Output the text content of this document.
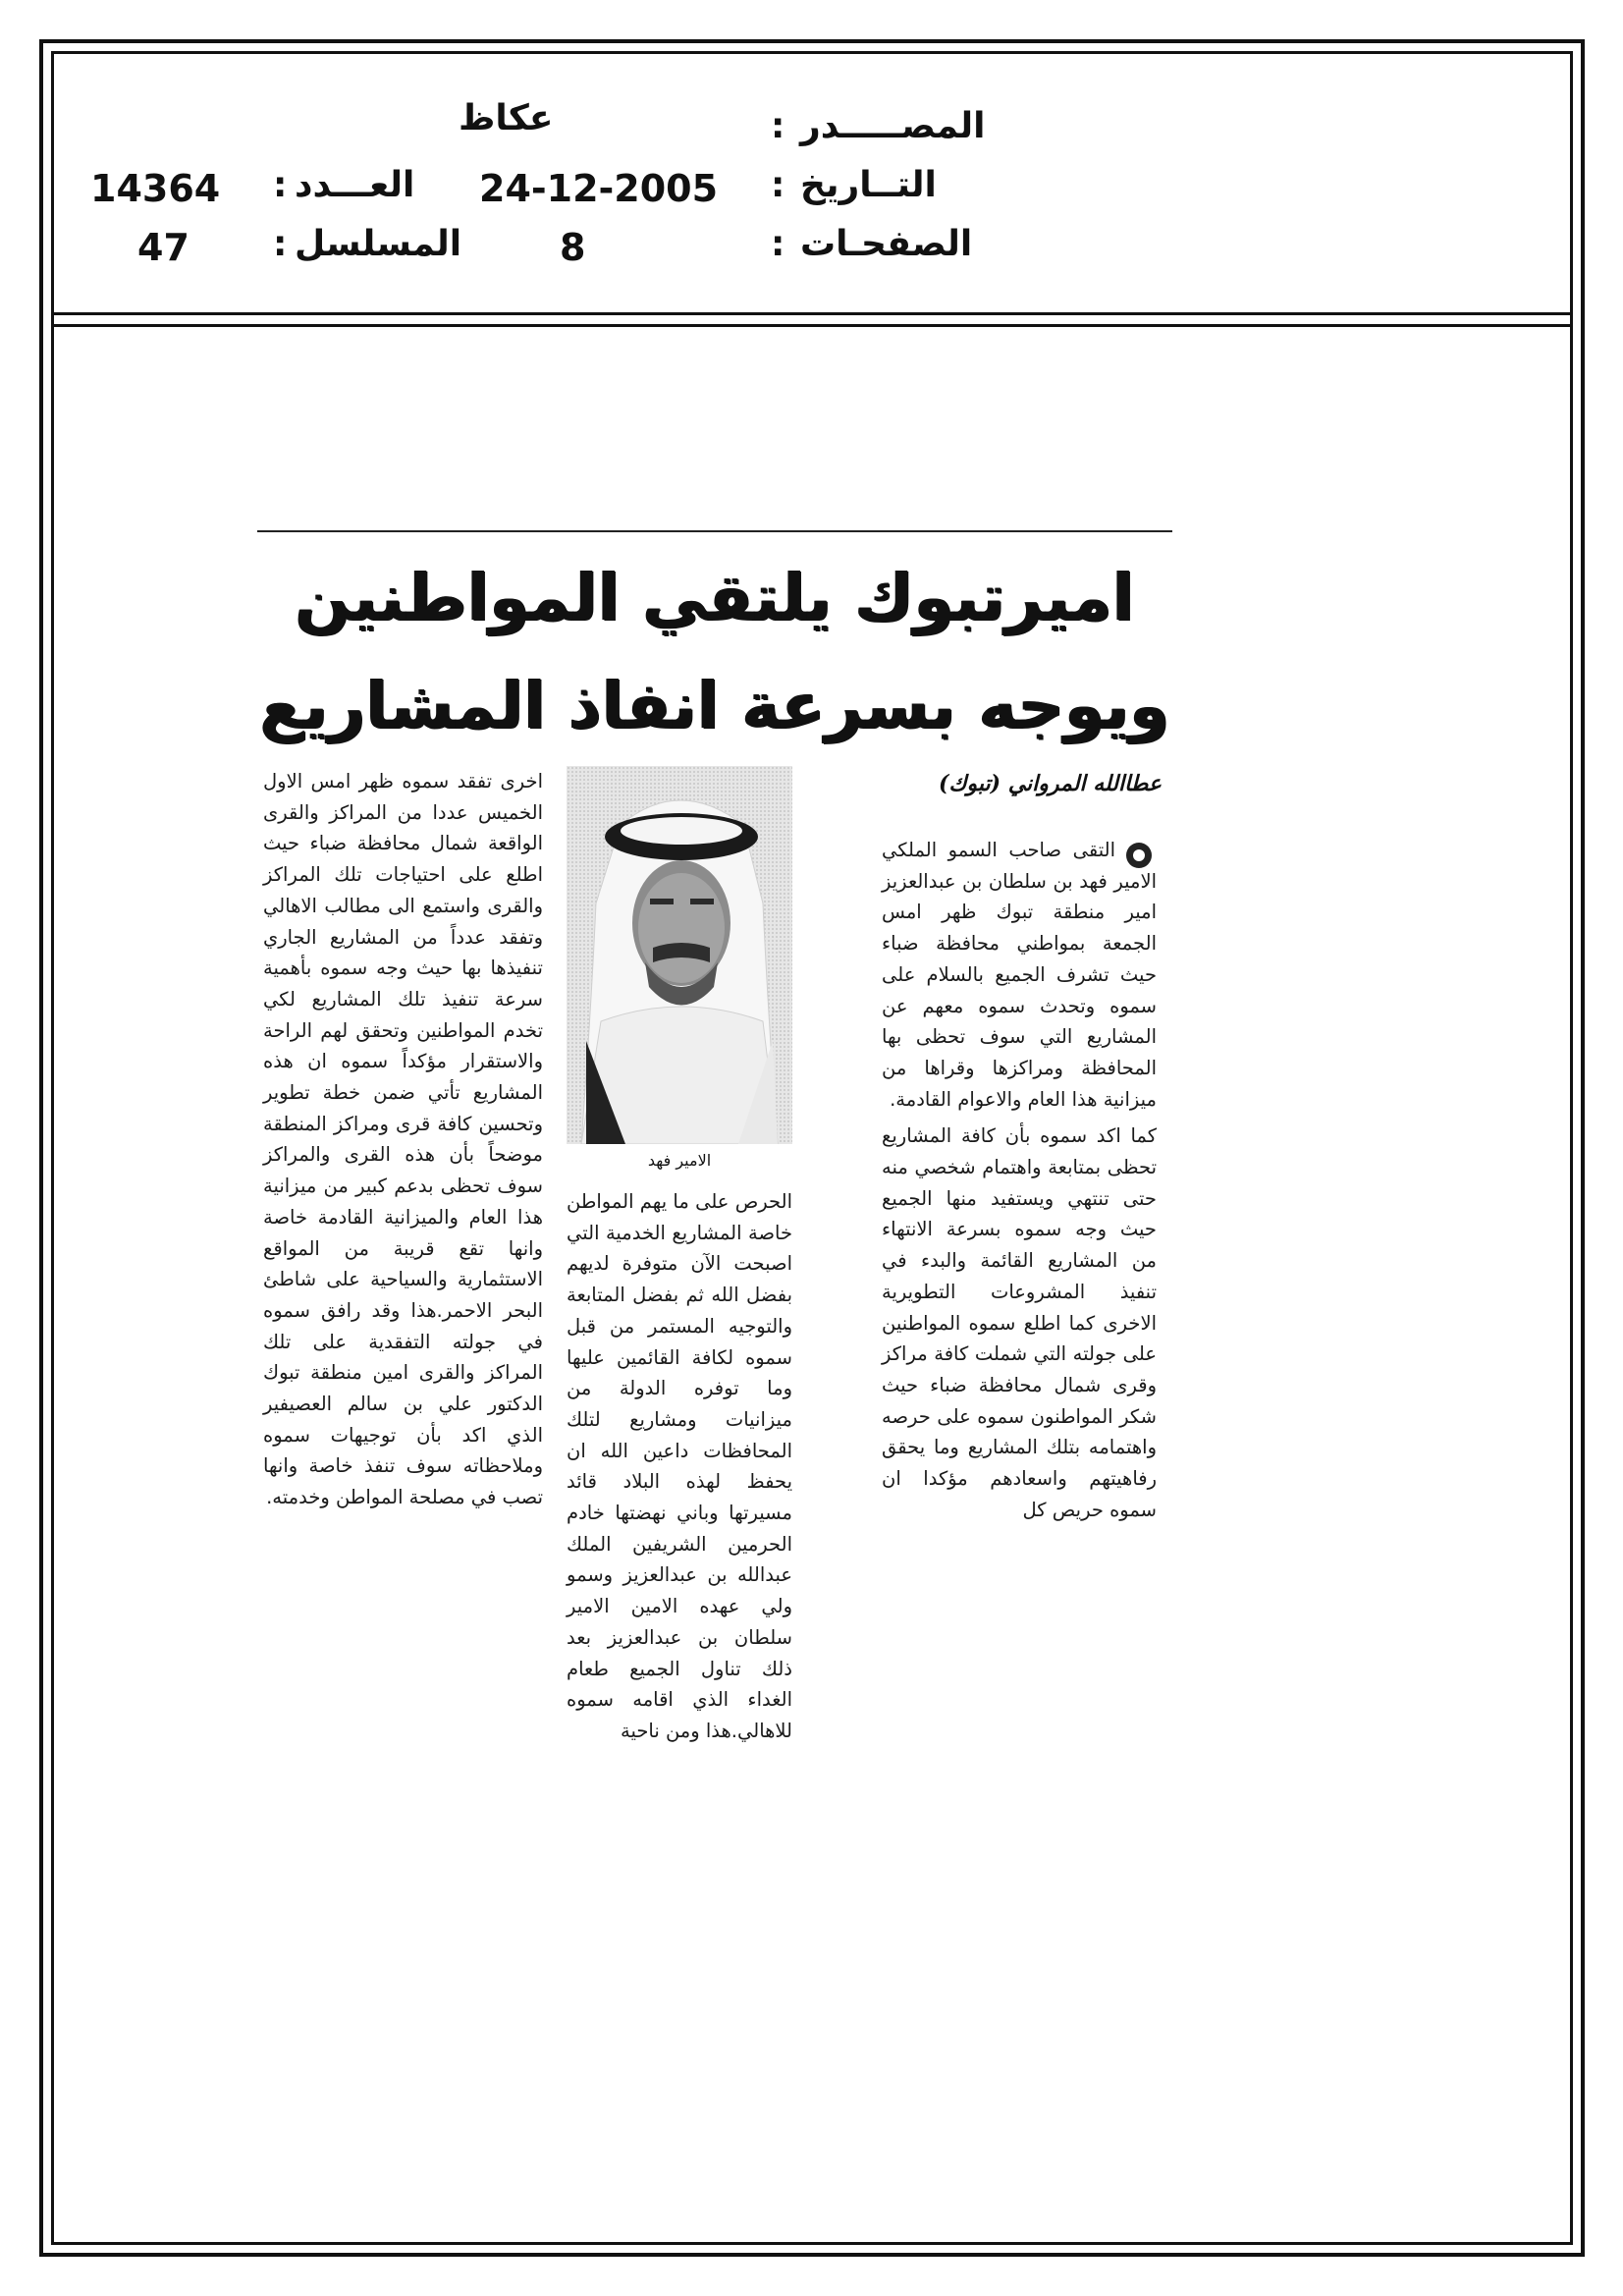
المصـــــدر
:
عكاظ
التــاريخ
:
24-12-2005
العـــدد
:
14364
الصفحـات
:
8
المسلسل
:
47
اميرتبوك يلتقي المواطنين
ويوجه بسرعة انفاذ المشاريع
عطاالله المرواني (تبوك)

التقى صاحب السمو الملكي الامير فهد بن سلطان بن عبدالعزيز امير منطقة تبوك ظهر امس الجمعة بمواطني محافظة ضباء حيث تشرف الجميع بالسلام على سموه وتحدث سموه معهم عن المشاريع التي سوف تحظى بها المحافظة ومراكزها وقراها من ميزانية هذا العام والاعوام القادمة.

كما اكد سموه بأن كافة المشاريع تحظى بمتابعة واهتمام شخصي منه حتى تنتهي ويستفيد منها الجميع حيث وجه سموه بسرعة الانتهاء من المشاريع القائمة والبدء في تنفيذ المشروعات التطويرية الاخرى كما اطلع سموه المواطنين على جولته التي شملت كافة مراكز وقرى شمال محافظة ضباء حيث شكر المواطنون سموه على حرصه واهتمامه بتلك المشاريع وما يحقق رفاهيتهم واسعادهم مؤكدا ان سموه حريص كل

الامير فهد

الحرص على ما يهم المواطن خاصة المشاريع الخدمية التي اصبحت الآن متوفرة لديهم بفضل الله ثم بفضل المتابعة والتوجيه المستمر من قبل سموه لكافة القائمين عليها وما توفره الدولة من ميزانيات ومشاريع لتلك المحافظات داعين الله ان يحفظ لهذه البلاد قائد مسيرتها وباني نهضتها خادم الحرمين الشريفين الملك عبدالله بن عبدالعزيز وسمو ولي عهده الامين الامير سلطان بن عبدالعزيز بعد ذلك تناول الجميع طعام الغداء الذي اقامه سموه للاهالي.هذا ومن ناحية

اخرى تفقد سموه ظهر امس الاول الخميس عددا من المراكز والقرى الواقعة شمال محافظة ضباء حيث اطلع على احتياجات تلك المراكز والقرى واستمع الى مطالب الاهالي وتفقد عدداً من المشاريع الجاري تنفيذها بها حيث وجه سموه بأهمية سرعة تنفيذ تلك المشاريع لكي تخدم المواطنين وتحقق لهم الراحة والاستقرار مؤكداً سموه ان هذه المشاريع تأتي ضمن خطة تطوير وتحسين كافة قرى ومراكز المنطقة موضحاً بأن هذه القرى والمراكز سوف تحظى بدعم كبير من ميزانية هذا العام والميزانية القادمة خاصة وانها تقع قريبة من المواقع الاستثمارية والسياحية على شاطئ البحر الاحمر.هذا وقد رافق سموه في جولته التفقدية على تلك المراكز والقرى امين منطقة تبوك الدكتور علي بن سالم العصيفير الذي اكد بأن توجيهات سموه وملاحظاته سوف تنفذ خاصة وانها تصب في مصلحة المواطن وخدمته.
